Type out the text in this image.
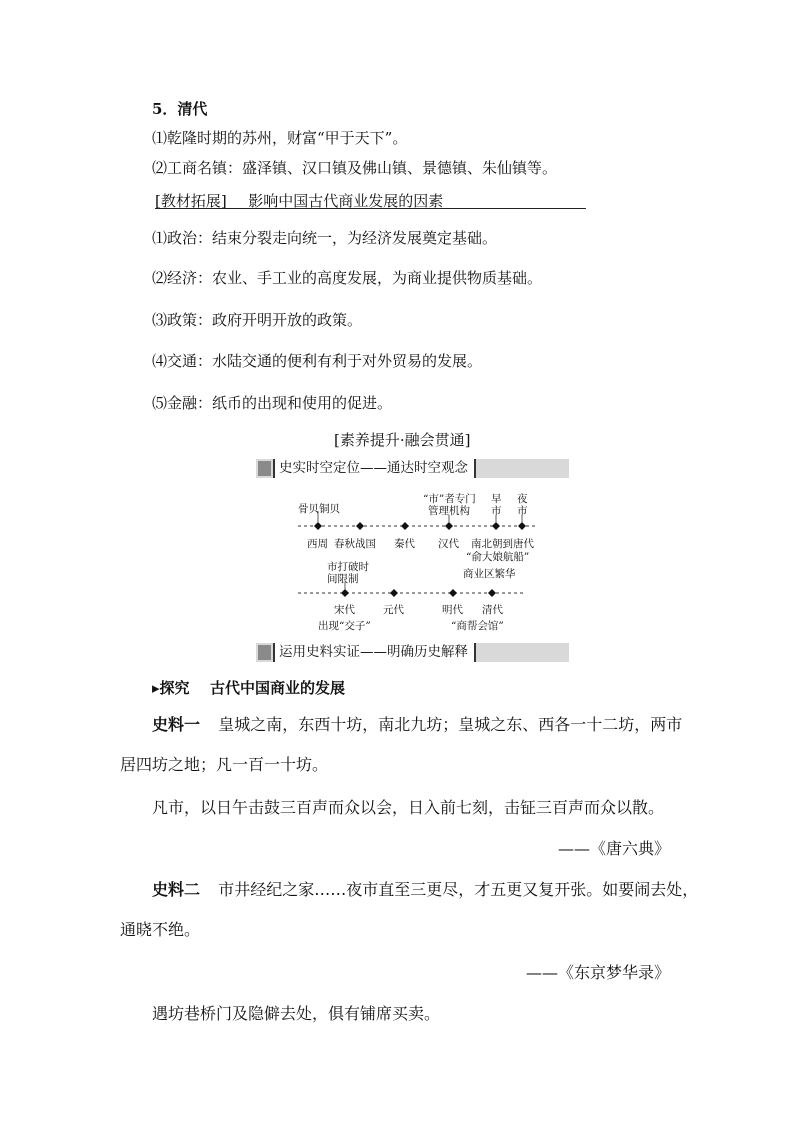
5．清代
⑴乾隆时期的苏州，财富“甲于天下”。
⑵工商名镇：盛泽镇、汉口镇及佛山镇、景德镇、朱仙镇等。
[教材拓展] 影响中国古代商业发展的因素
⑴政治：结束分裂走向统一，为经济发展奠定基础。
⑵经济：农业、手工业的高度发展，为商业提供物质基础。
⑶政策：政府开明开放的政策。
⑷交通：水陆交通的便利有利于对外贸易的发展。
⑸金融：纸币的出现和使用的促进。
[素养提升·融会贯通]
史实时空定位——通达时空观念
骨贝铜贝
“市”者专门
管理机构
早
市
夜
市
西周 春秋战国 秦代 汉代 南北朝到唐代
“俞大娘航船”
商业区繁华
市打破时
间限制
宋代	元代	明代 清代
出现“交子”	“商帮会馆”
运用史料实证——明确历史解释
▸探究 古代中国商业的发展
史料一 皇城之南，东西十坊，南北九坊；皇城之东、西各一十二坊，两市
居四坊之地；凡一百一十坊。
凡市，以日午击鼓三百声而众以会，日入前七刻，击钲三百声而众以散。
——《唐六典》
史料二 市井经纪之家……夜市直至三更尽，才五更又复开张。如要闹去处，
通晓不绝。
——《东京梦华录》
遇坊巷桥门及隐僻去处，俱有铺席买卖。
